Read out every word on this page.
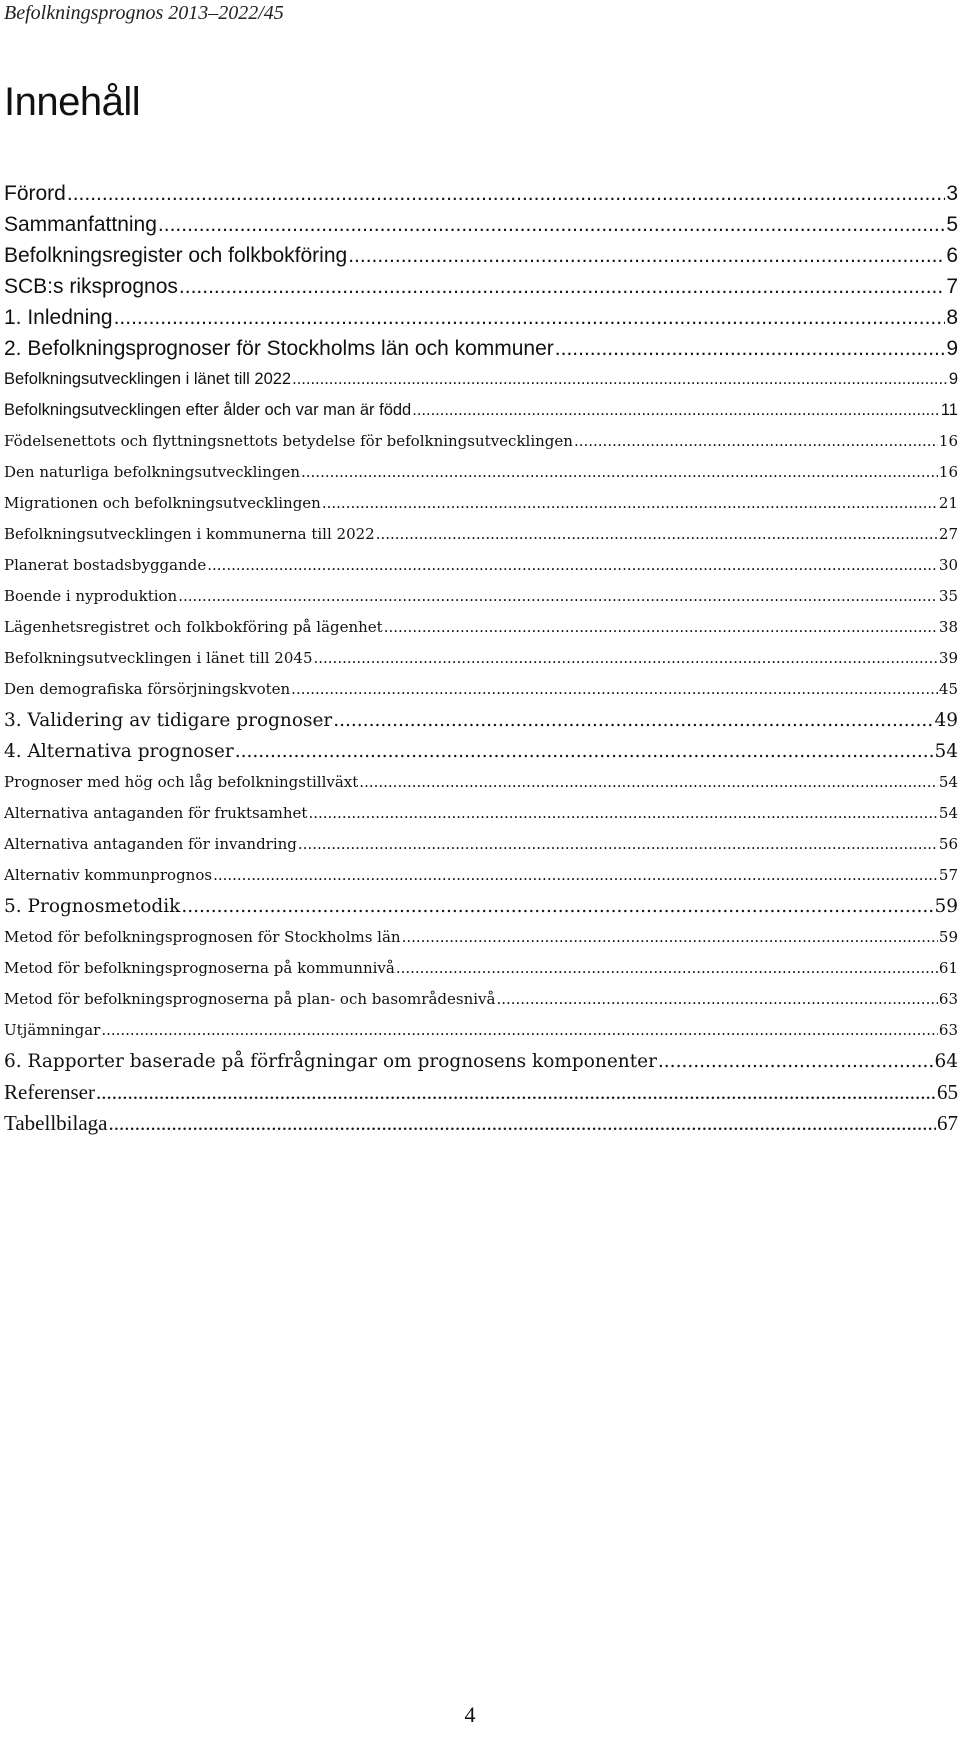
Befolkningsprognos 2013–2022/45
Innehåll
Förord .....	3
Sammanfattning .....	5
Befolkningsregister och folkbokföring .....	6
SCB:s riksprognos .....	7
1. Inledning .....	8
2. Befolkningsprognoser för Stockholms län och kommuner .....	9
Befolkningsutvecklingen i länet till 2022 .....	9
Befolkningsutvecklingen efter ålder och var man är född .....	11
Födelsenettots och flyttningsnettots betydelse för befolkningsutvecklingen .....	16
Den naturliga befolkningsutvecklingen .....	16
Migrationen och befolkningsutvecklingen .....	21
Befolkningsutvecklingen i kommunerna till 2022 .....	27
Planerat bostadsbyggande .....	30
Boende i nyproduktion .....	35
Lägenhetsregistret och folkbokföring på lägenhet .....	38
Befolkningsutvecklingen i länet till 2045 .....	39
Den demografiska försörjningskvoten .....	45
3. Validering av tidigare prognoser .....	49
4. Alternativa prognoser .....	54
Prognoser med hög och låg befolkningstillväxt .....	54
Alternativa antaganden för fruktsamhet .....	54
Alternativa antaganden för invandring .....	56
Alternativ kommunprognos .....	57
5. Prognosmetodik .....	59
Metod för befolkningsprognosen för Stockholms län .....	59
Metod för befolkningsprognoserna på kommunnivå .....	61
Metod för befolkningsprognoserna på plan- och basområdesnivå .....	63
Utjämningar .....	63
6. Rapporter baserade på förfrågningar om prognosens komponenter .....	64
Referenser .....	65
Tabellbilaga .....	67
4
